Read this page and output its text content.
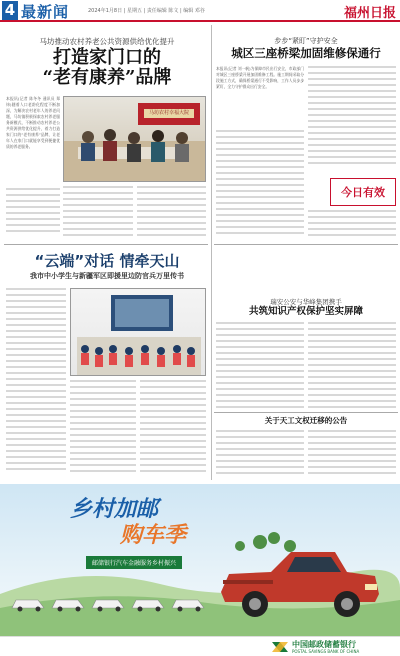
4 最新闻	2024年1月8日 | 星期五 | 责任编辑 陈文 | 编辑 邓谷	福州日报
马坊推动农村养老公共资源供给优化提升
打造家门口的
“老有康养”品牌
本报讯(记者 陈冬冬 通讯员 郑炜)随着人口老龄化程度不断加深，为解决农村老年人的养老问题，马坊镇积极探索农村养老服务新模式，不断推动农村养老公共资源供给优化提升，着力打造家门口的“老有康养”品牌，让老年人在家门口就能享受到便捷优质的养老服务。
马坊农村幸福大院
步步“紧盯”守护安全
城区三座桥梁加固维修保通行
本报讯(记者 刘一帆)为保障市民出行安全，市政部门对城区三座桥梁开展加固维修工程。施工期间采取分段施工方式，确保桥梁通行不受影响，工作人员步步紧盯，全力守护群众出行安全。
今日有效
“云端”对话 情牵天山
我市中小学生与新疆军区即援里边防官兵万里传书
瑞安公安与华峰集团携手
共筑知识产权保护坚实屏障
关于天工文权迁移的公告
乡村加邮
购车季
邮储银行汽车金融服务乡村振兴
中国邮政储蓄银行
POSTAL SAVINGS BANK OF CHINA
